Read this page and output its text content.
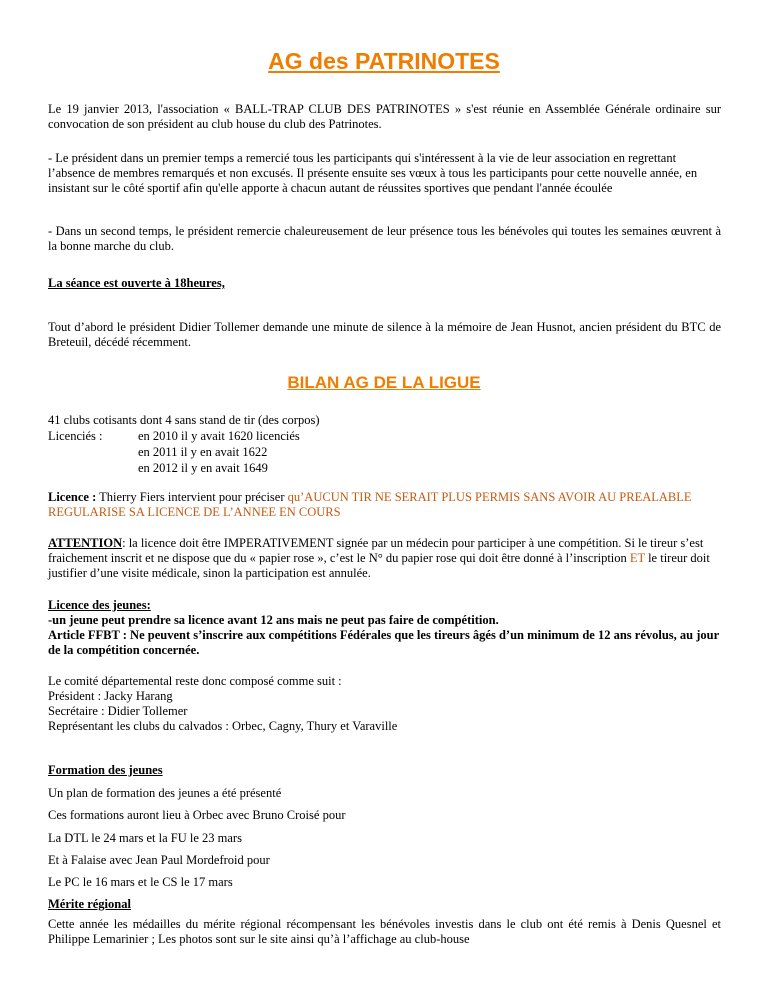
AG des PATRINOTES
Le 19 janvier 2013, l'association « BALL-TRAP CLUB DES PATRINOTES » s'est réunie en Assemblée Générale ordinaire sur convocation de son président au club house du club des Patrinotes.
- Le président dans un premier temps a remercié tous les participants qui s'intéressent à la vie de leur association en regrettant l’absence de membres remarqués et non excusés. Il présente ensuite ses vœux à tous les participants pour cette nouvelle année, en insistant sur le côté sportif afin qu'elle apporte à chacun autant de réussites sportives que pendant l'année écoulée
- Dans un second temps, le président remercie chaleureusement de leur présence tous les bénévoles qui toutes les semaines œuvrent à la bonne marche du club.
La séance est ouverte à 18heures,
Tout d’abord le président Didier Tollemer demande une minute de silence à la mémoire de Jean Husnot, ancien président du BTC de Breteuil, décédé récemment.
BILAN AG DE LA LIGUE
41 clubs cotisants dont 4 sans stand de tir (des corpos)
Licenciés :	en 2010 il y avait 1620 licenciés
en 2011 il y en avait 1622
en 2012 il y en avait 1649
Licence : Thierry Fiers intervient pour préciser qu’AUCUN TIR NE SERAIT PLUS PERMIS SANS AVOIR AU PREALABLE REGULARISE SA LICENCE DE L’ANNEE EN COURS
ATTENTION: la licence doit être IMPERATIVEMENT signée par un médecin pour participer à une compétition. Si le tireur s’est fraichement inscrit et ne dispose que du « papier rose », c’est le N° du papier rose qui doit être donné à l’inscription ET le tireur doit justifier d’une visite médicale, sinon la participation est annulée.
Licence des jeunes:
-un jeune peut prendre sa licence avant 12 ans mais ne peut pas faire de compétition.
Article FFBT : Ne peuvent s’inscrire aux compétitions Fédérales que les tireurs âgés d’un minimum de 12 ans révolus, au jour de la compétition concernée.
Le comité départemental reste donc composé comme suit :
Président : Jacky Harang
Secrétaire : Didier Tollemer
Représentant les clubs du calvados : Orbec, Cagny, Thury et Varaville
Formation des jeunes
Un plan de formation des jeunes a été présenté
Ces formations auront lieu à Orbec avec Bruno Croisé pour
La DTL le 24 mars et la FU le 23 mars
Et à Falaise avec Jean Paul Mordefroid pour
Le PC le 16 mars et le CS le 17 mars
Mérite régional
Cette année les médailles du mérite régional récompensant les bénévoles investis dans le club ont été remis à Denis Quesnel et Philippe Lemarinier ; Les photos sont sur le site ainsi qu’à l’affichage au club-house
